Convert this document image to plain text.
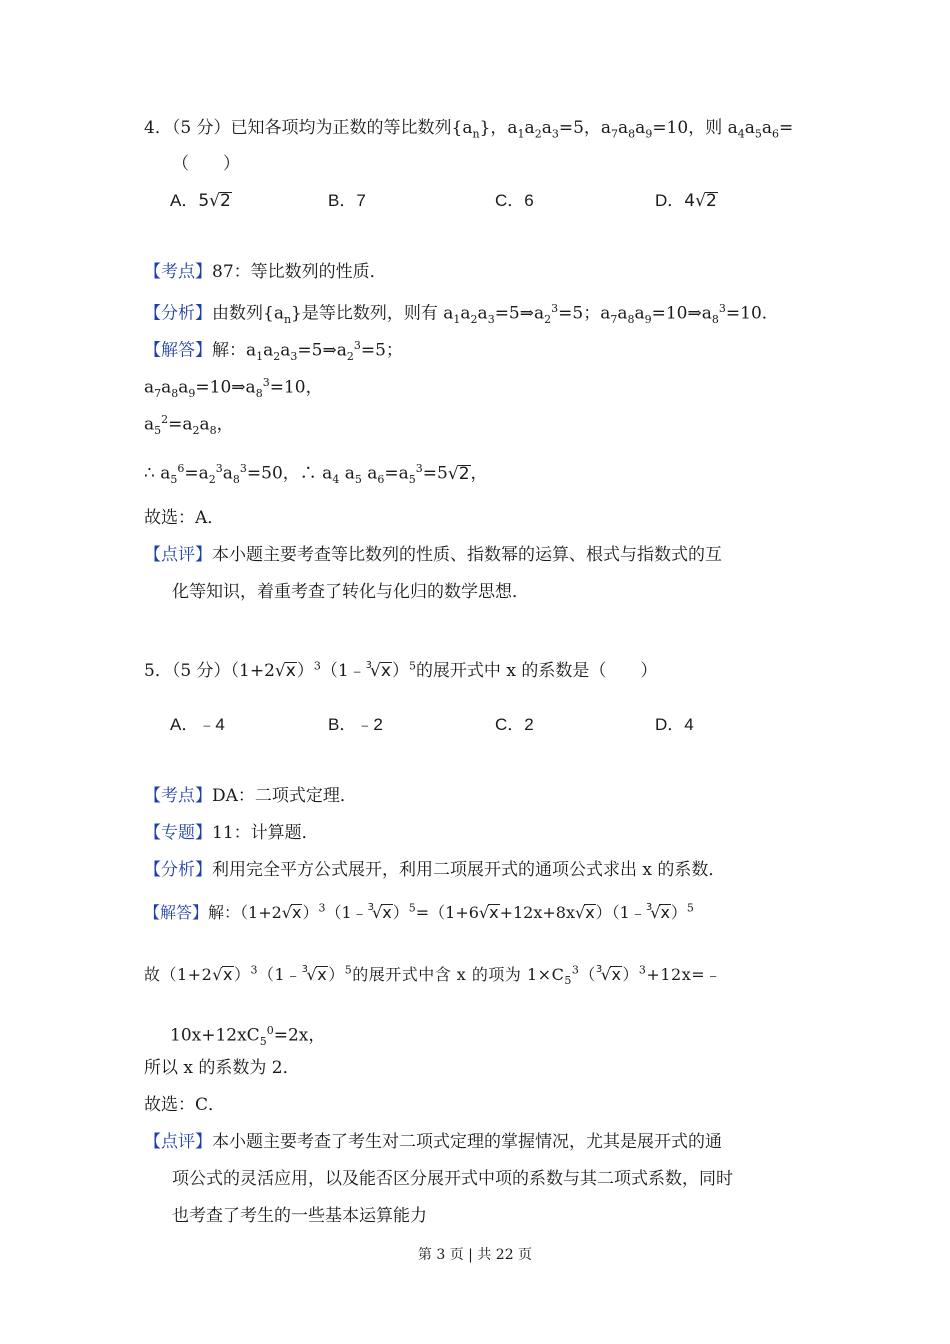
4．（5 分）已知各项均为正数的等比数列$\{a_n\}$，$a_1a_2a_3=5$，$a_7a_8a_9=10$，则 $a_4a_5a_6=$
（　　）
A．5√2	B．7	C．6	D．4√2
【考点】87：等比数列的性质．
【分析】由数列$\{a_n\}$是等比数列，则有 $a_1a_2a_3=5\Rightarrow a_2^3=5$；$a_7a_8a_9=10\Rightarrow a_8^3=10$．
【解答】解：$a_1a_2a_3=5\Rightarrow a_2^3=5$；
$a_7a_8a_9=10\Rightarrow a_8^3=10$，
$a_5^2=a_2a_8$，
∴ $a_5^6=a_2^3a_8^3=50$，∴ $a_4$ $a_5$ $a_6=a_5^3=5√2$，
故选：A．
【点评】本小题主要考查等比数列的性质、指数幂的运算、根式与指数式的互
化等知识，着重考查了转化与化归的数学思想．
5．（5 分）$(1+2√x)^3(1﹣^3√x)^5$的展开式中 x 的系数是（　　）
A．﹣4	B．﹣2	C．2	D．4
【考点】DA：二项式定理．
【专题】11：计算题．
【分析】利用完全平方公式展开，利用二项展开式的通项公式求出 x 的系数．
【解答】解：$(1+2√x)^3(1﹣^3√x)^5=(1+6√x+12x+8x√x)(1﹣^3√x)^5$
故$(1+2√x)^3(1﹣^3√x)^5$的展开式中含 x 的项为 $1\times C_5^3(^3√x)^3+12x=﹣$
$10x+12xC_5^0=2x$，
所以 x 的系数为 2．
故选：C．
【点评】本小题主要考查了考生对二项式定理的掌握情况，尤其是展开式的通
项公式的灵活应用，以及能否区分展开式中项的系数与其二项式系数，同时
也考查了考生的一些基本运算能力
第 3 页 | 共 22 页
